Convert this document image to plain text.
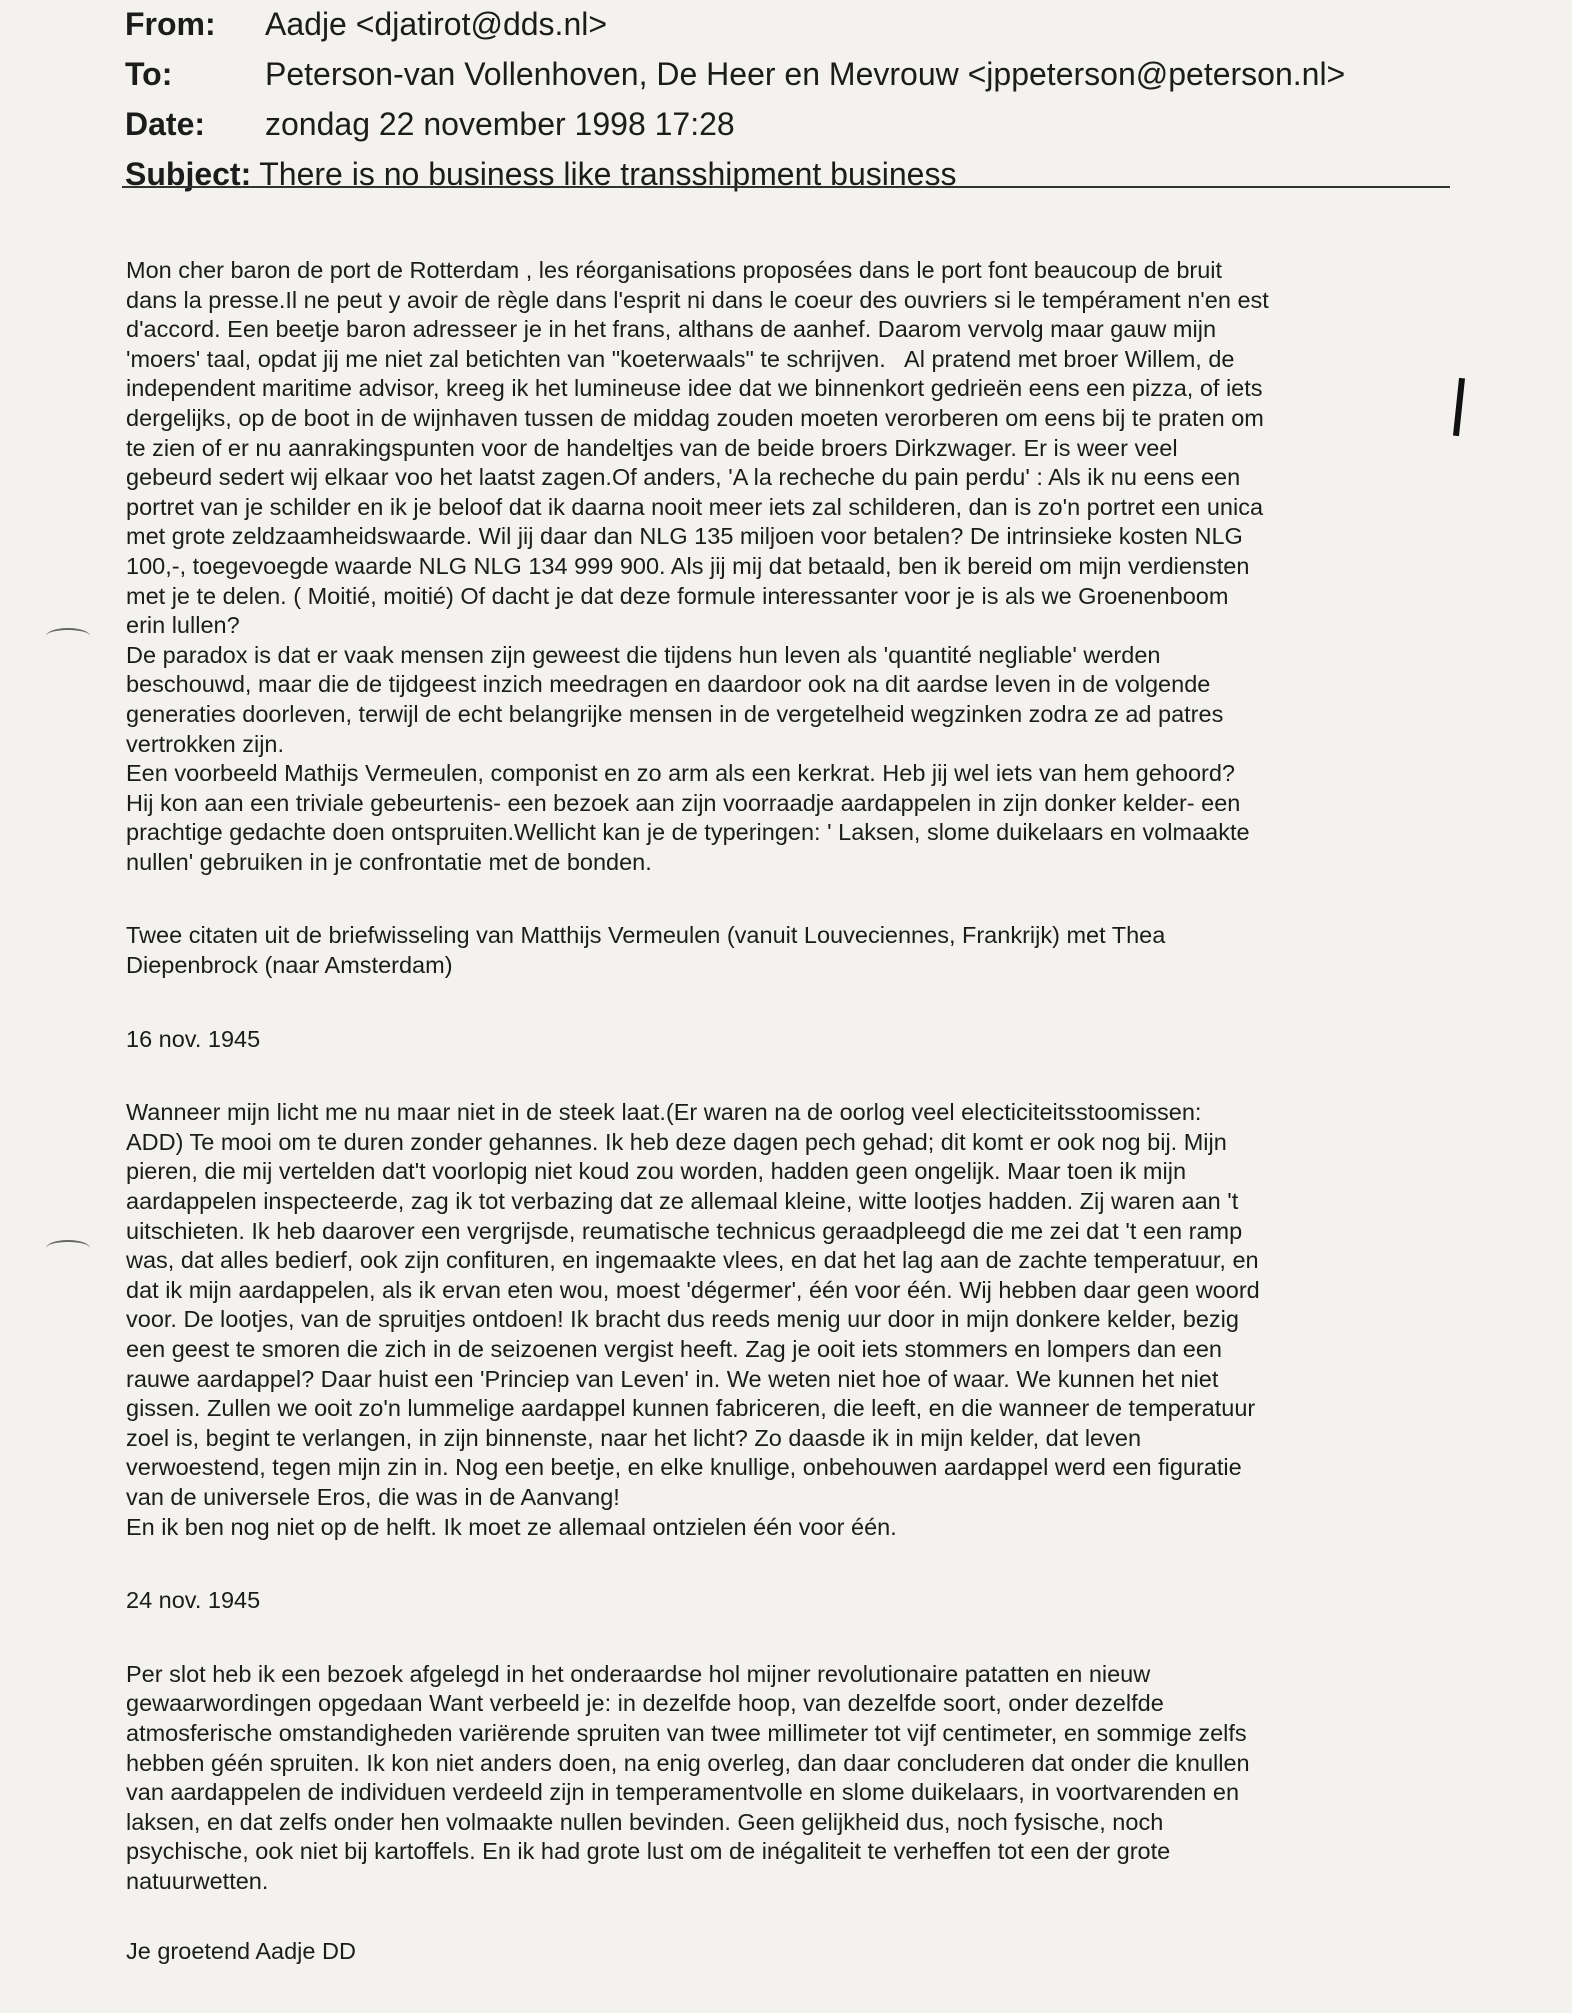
From:	Aadje <djatirot@dds.nl>
To:	Peterson-van Vollenhoven, De Heer en Mevrouw <jppeterson@peterson.nl>
Date:	zondag 22 november 1998 17:28
Subject: There is no business like transshipment business

Mon cher baron de port de Rotterdam , les réorganisations proposées dans le port font beaucoup de bruit
dans la presse.Il ne peut y avoir de règle dans l'esprit ni dans le coeur des ouvriers si le tempérament n'en est
d'accord. Een beetje baron adresseer je in het frans, althans de aanhef. Daarom vervolg maar gauw mijn
'moers' taal, opdat jij me niet zal betichten van "koeterwaals" te schrijven.   Al pratend met broer Willem, de
independent maritime advisor, kreeg ik het lumineuse idee dat we binnenkort gedrieën eens een pizza, of iets
dergelijks, op de boot in de wijnhaven tussen de middag zouden moeten verorberen om eens bij te praten om
te zien of er nu aanrakingspunten voor de handeltjes van de beide broers Dirkzwager. Er is weer veel
gebeurd sedert wij elkaar voo het laatst zagen.Of anders, 'A la recheche du pain perdu' : Als ik nu eens een
portret van je schilder en ik je beloof dat ik daarna nooit meer iets zal schilderen, dan is zo'n portret een unica
met grote zeldzaamheidswaarde. Wil jij daar dan NLG 135 miljoen voor betalen? De intrinsieke kosten NLG
100,-, toegevoegde waarde NLG NLG 134 999 900. Als jij mij dat betaald, ben ik bereid om mijn verdiensten
met je te delen. ( Moitié, moitié) Of dacht je dat deze formule interessanter voor je is als we Groenenboom
erin lullen?

De paradox is dat er vaak mensen zijn geweest die tijdens hun leven als 'quantité negliable' werden
beschouwd, maar die de tijdgeest inzich meedragen en daardoor ook na dit aardse leven in de volgende
generaties doorleven, terwijl de echt belangrijke mensen in de vergetelheid wegzinken zodra ze ad patres
vertrokken zijn.

Een voorbeeld Mathijs Vermeulen, componist en zo arm als een kerkrat. Heb jij wel iets van hem gehoord?
Hij kon aan een triviale gebeurtenis- een bezoek aan zijn voorraadje aardappelen in zijn donker kelder- een
prachtige gedachte doen ontspruiten.Wellicht kan je de typeringen: ' Laksen, slome duikelaars en volmaakte
nullen' gebruiken in je confrontatie met de bonden.

Twee citaten uit de briefwisseling van Matthijs Vermeulen (vanuit Louveciennes, Frankrijk) met Thea
Diepenbrock (naar Amsterdam)

16 nov. 1945

Wanneer mijn licht me nu maar niet in de steek laat.(Er waren na de oorlog veel electiciteitsstoomissen:
ADD) Te mooi om te duren zonder gehannes. Ik heb deze dagen pech gehad; dit komt er ook nog bij. Mijn
pieren, die mij vertelden dat't voorlopig niet koud zou worden, hadden geen ongelijk. Maar toen ik mijn
aardappelen inspecteerde, zag ik tot verbazing dat ze allemaal kleine, witte lootjes hadden. Zij waren aan 't
uitschieten. Ik heb daarover een vergrijsde, reumatische technicus geraadpleegd die me zei dat 't een ramp
was, dat alles bedierf, ook zijn confituren, en ingemaakte vlees, en dat het lag aan de zachte temperatuur, en
dat ik mijn aardappelen, als ik ervan eten wou, moest 'dégermer', één voor één. Wij hebben daar geen woord
voor. De lootjes, van de spruitjes ontdoen! Ik bracht dus reeds menig uur door in mijn donkere kelder, bezig
een geest te smoren die zich in de seizoenen vergist heeft. Zag je ooit iets stommers en lompers dan een
rauwe aardappel? Daar huist een 'Princiep van Leven' in. We weten niet hoe of waar. We kunnen het niet
gissen. Zullen we ooit zo'n lummelige aardappel kunnen fabriceren, die leeft, en die wanneer de temperatuur
zoel is, begint te verlangen, in zijn binnenste, naar het licht? Zo daasde ik in mijn kelder, dat leven
verwoestend, tegen mijn zin in. Nog een beetje, en elke knullige, onbehouwen aardappel werd een figuratie
van de universele Eros, die was in de Aanvang!
En ik ben nog niet op de helft. Ik moet ze allemaal ontzielen één voor één.

24 nov. 1945

Per slot heb ik een bezoek afgelegd in het onderaardse hol mijner revolutionaire patatten en nieuw
gewaarwordingen opgedaan Want verbeeld je: in dezelfde hoop, van dezelfde soort, onder dezelfde
atmosferische omstandigheden variërende spruiten van twee millimeter tot vijf centimeter, en sommige zelfs
hebben géén spruiten. Ik kon niet anders doen, na enig overleg, dan daar concluderen dat onder die knullen
van aardappelen de individuen verdeeld zijn in temperamentvolle en slome duikelaars, in voortvarenden en
laksen, en dat zelfs onder hen volmaakte nullen bevinden. Geen gelijkheid dus, noch fysische, noch
psychische, ook niet bij kartoffels. En ik had grote lust om de inégaliteit te verheffen tot een der grote
natuurwetten.

Je groetend Aadje DD
